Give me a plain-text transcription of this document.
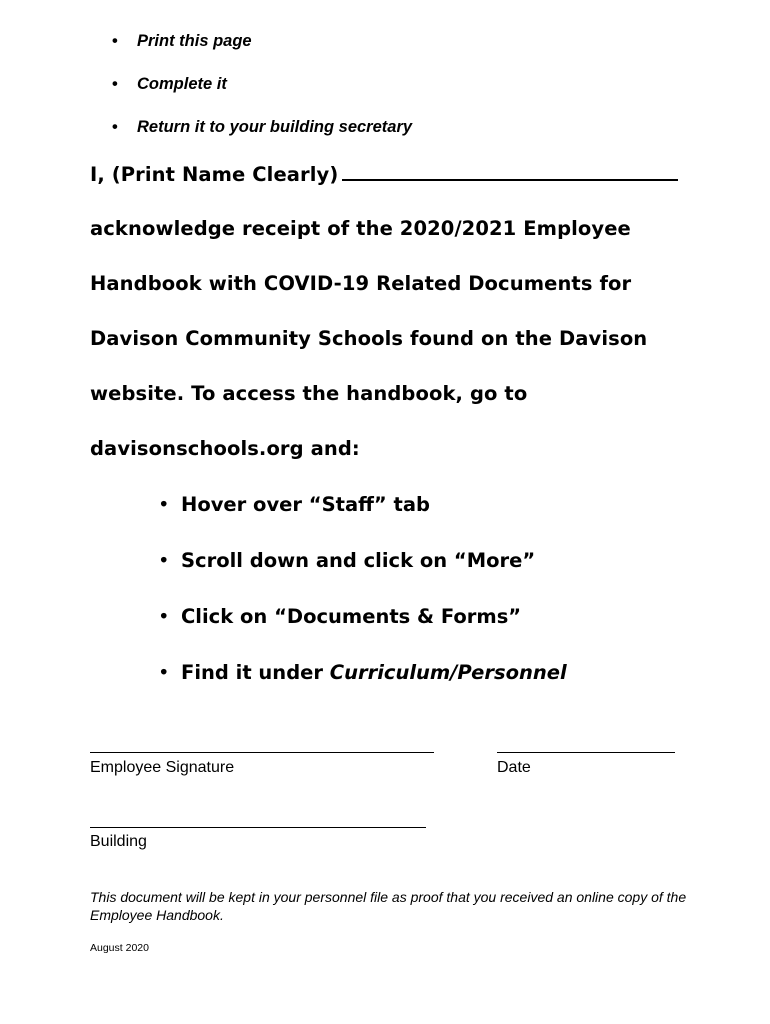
• Print this page
• Complete it
• Return it to your building secretary
I, (Print Name Clearly)
acknowledge receipt of the 2020/2021 Employee
Handbook with COVID-19 Related Documents for
Davison Community Schools found on the Davison
website. To access the handbook, go to
davisonschools.org and:
• Hover over “Staff” tab
• Scroll down and click on “More”
• Click on “Documents & Forms”
• Find it under Curriculum/Personnel
Employee Signature	Date
Building
This document will be kept in your personnel file as proof that you received an online copy of the Employee Handbook.
August 2020
